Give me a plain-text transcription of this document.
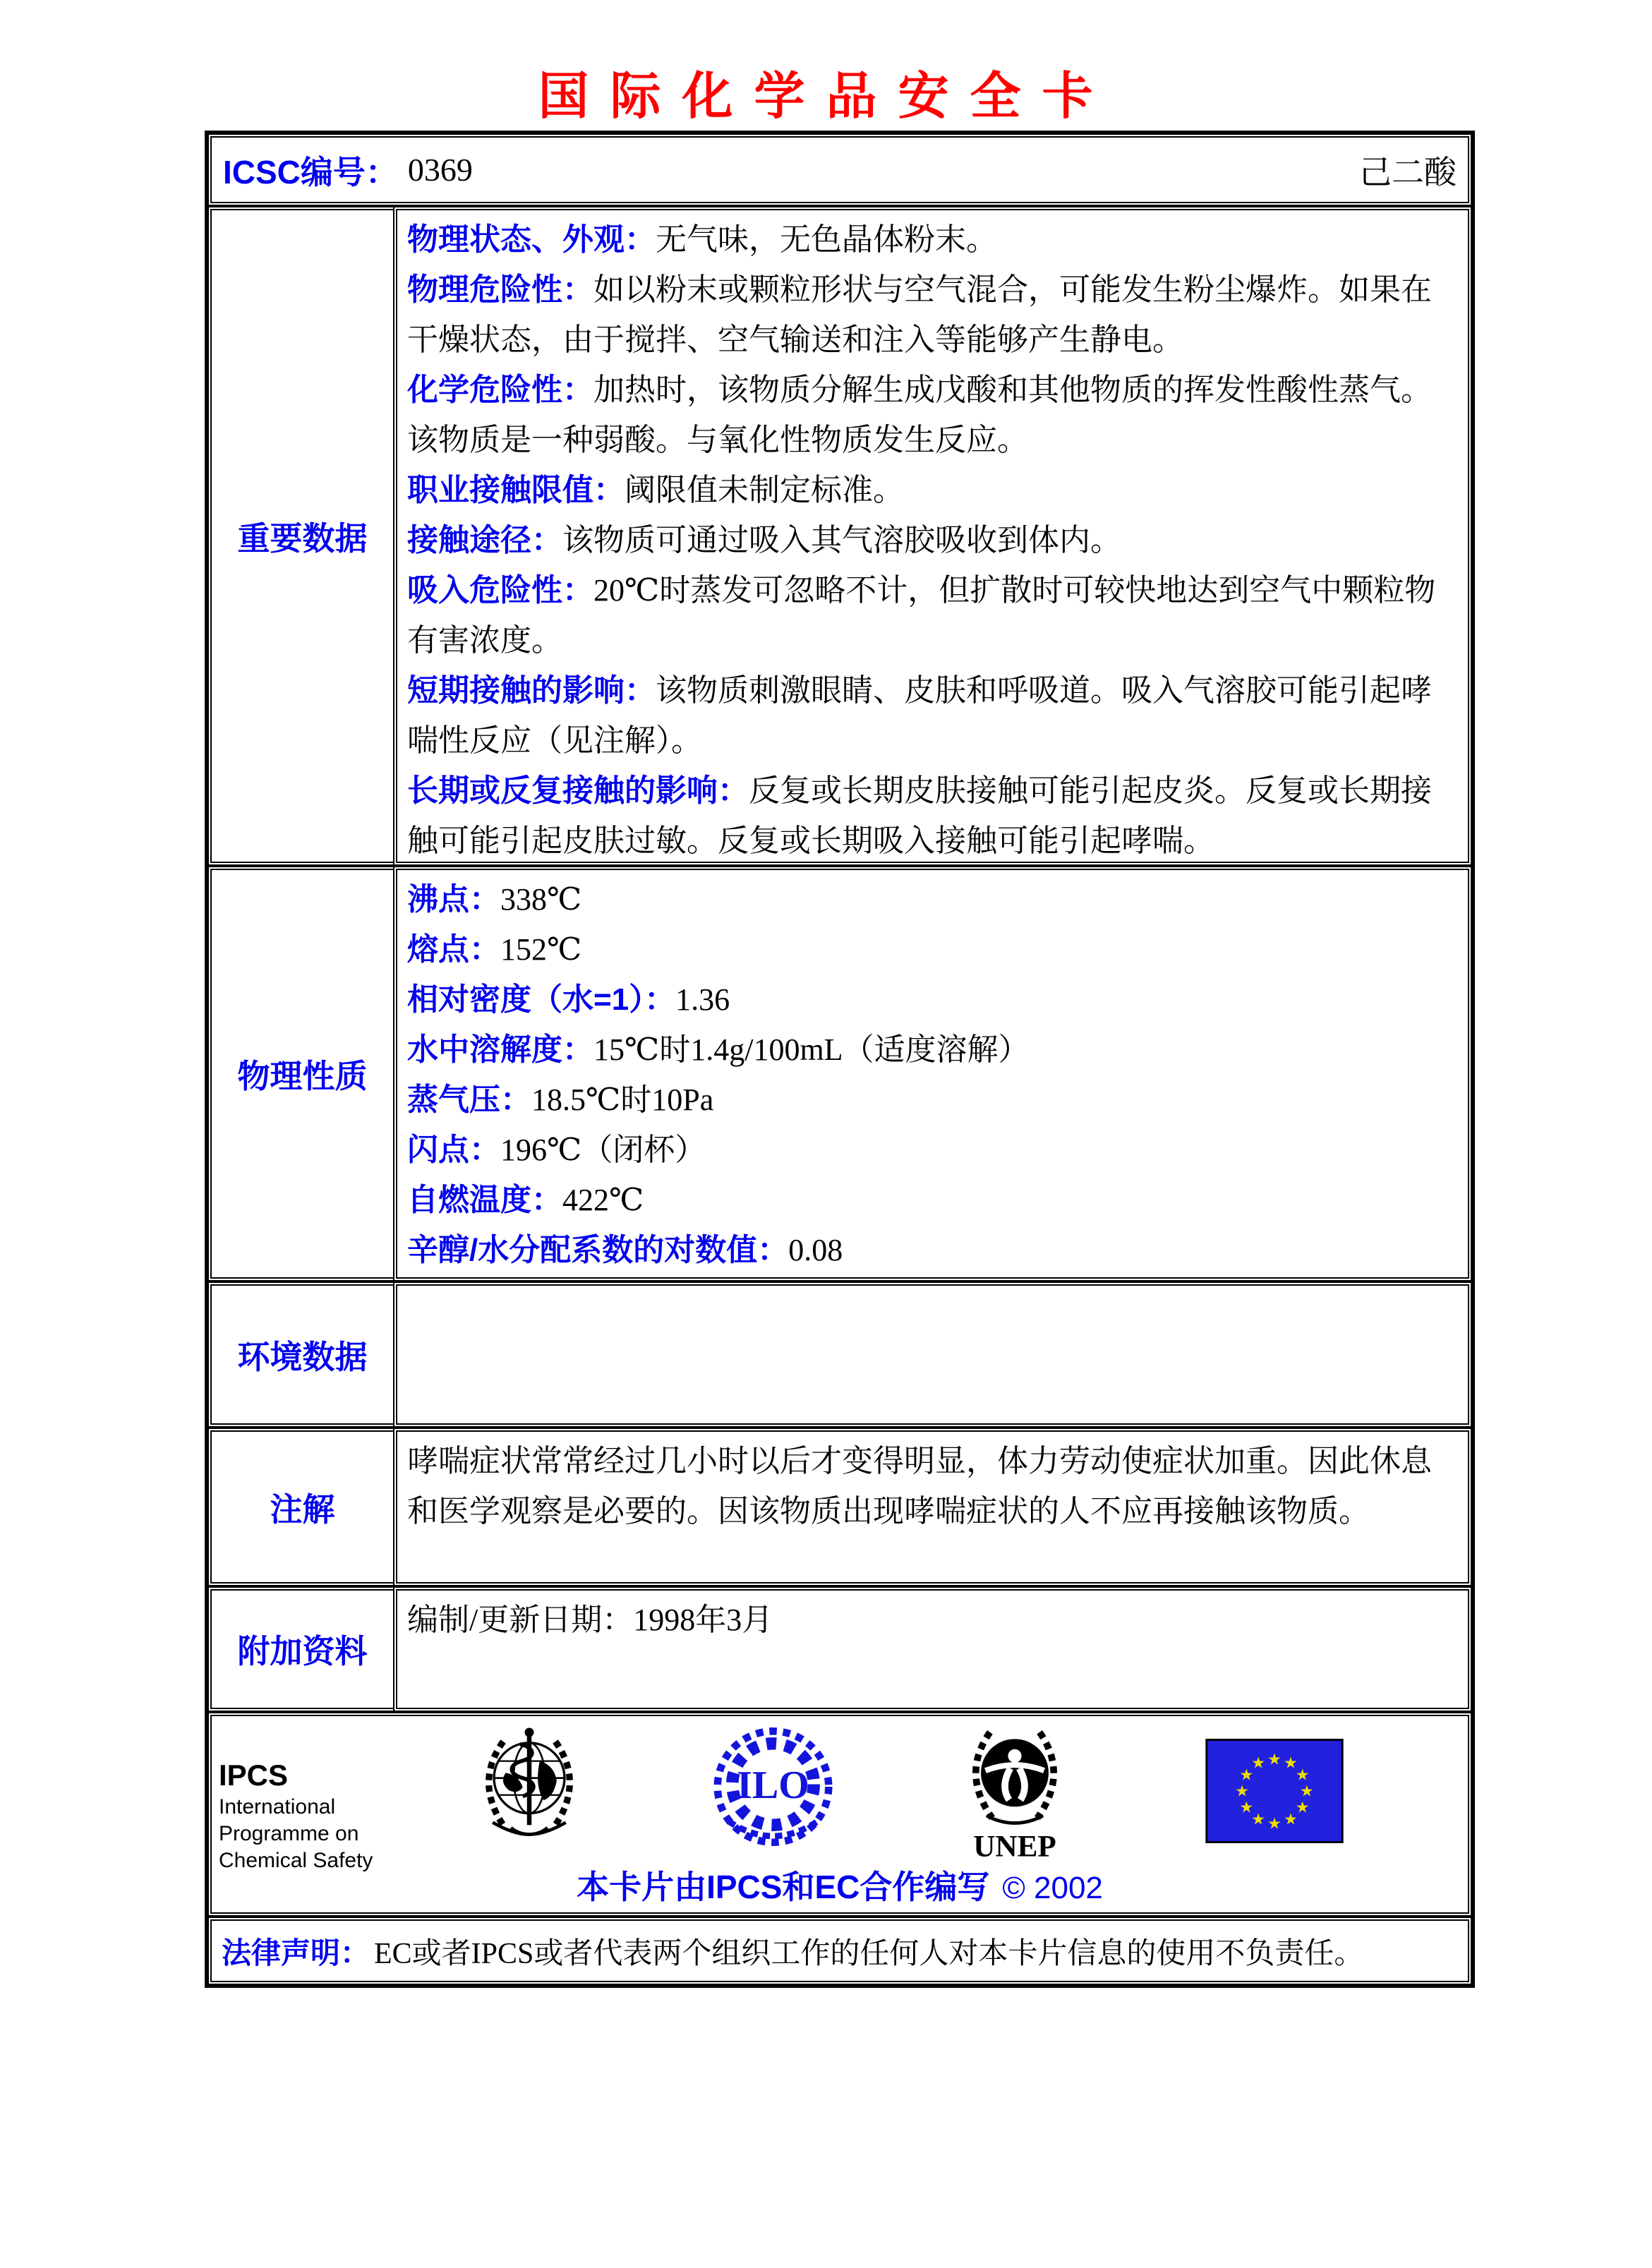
国际化学品安全卡
ICSC编号： 0369	己二酸
重要数据

物理状态、外观：无气味，无色晶体粉末。

物理危险性：如以粉末或颗粒形状与空气混合，可能发生粉尘爆炸。如果在干燥状态，由于搅拌、空气输送和注入等能够产生静电。

化学危险性：加热时，该物质分解生成戊酸和其他物质的挥发性酸性蒸气。该物质是一种弱酸。与氧化性物质发生反应。

职业接触限值：阈限值未制定标准。

接触途径：该物质可通过吸入其气溶胶吸收到体内。

吸入危险性：20℃时蒸发可忽略不计，但扩散时可较快地达到空气中颗粒物有害浓度。

短期接触的影响：该物质刺激眼睛、皮肤和呼吸道。吸入气溶胶可能引起哮喘性反应（见注解）。

长期或反复接触的影响：反复或长期皮肤接触可能引起皮炎。反复或长期接触可能引起皮肤过敏。反复或长期吸入接触可能引起哮喘。

物理性质

沸点：338℃

熔点：152℃

相对密度（水=1）：1.36

水中溶解度：15℃时1.4g/100mL（适度溶解）

蒸气压：18.5℃时10Pa

闪点：196℃（闭杯）

自燃温度：422℃

辛醇/水分配系数的对数值：0.08

环境数据
注解

哮喘症状常常经过几小时以后才变得明显，体力劳动使症状加重。因此休息和医学观察是必要的。因该物质出现哮喘症状的人不应再接触该物质。

附加资料

编制/更新日期：1998年3月

IPCS
International
Programme on
Chemical Safety
ILO
UNEP
★ ★
★
★
★
★
★
★
★
★
★
★
本卡片由IPCS和EC合作编写 © 2002
法律声明： EC或者IPCS或者代表两个组织工作的任何人对本卡片信息的使用不负责任。
